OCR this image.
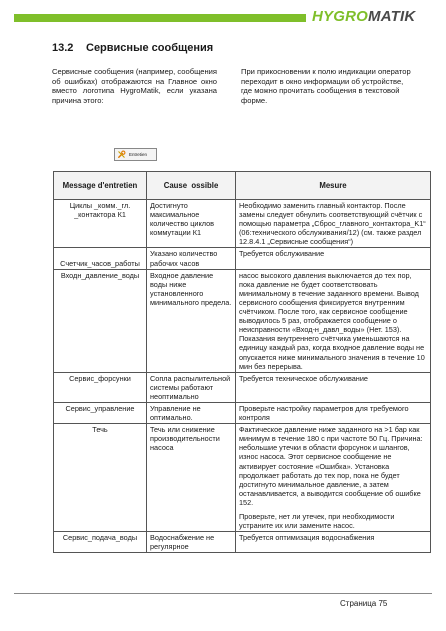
HYGROMATIK
13.2 Сервисные сообщения
Сервисные сообщения (например, сообщения об ошибках) отображаются на Главное окно вместо логотипа HygroMatik, если указана причина этого:
При прикосновении к полю индикации оператор переходит в окно информации об устройстве, где можно прочитать сообщения в текстовой форме.
Entretien
Message d'entretien	Cause  ossible	Mesure
Циклы _комм._гл. _контактора К1	Достигнуто максимальное количество циклов коммутации К1	Необходимо заменить главный контактор. После замены следует обнулить соответствующий счётчик с помощью параметра „Сброс_главного_контактора_K1“ (06:технического обслуживания/12) (см. также раздел 12.8.4.1 „Сервисные сообщения“)
Счетчик_часов_работы	Указано количество рабочих часов	Требуется обслуживание
Входн_давление_воды	Входное давление воды ниже установленного минимального предела.	насос высокого давления выключается до тех пор, пока давление не будет соответствовать минимальному в течение заданного времени. Вывод сервисного сообщения фиксируется внутренним счётчиком. После того, как сервисное сообщение выводилось 5 раз, отображается сообщение о неисправности «Вход-н_давл_воды» (Нет. 153). Показания внутреннего счётчика уменьшаются на единицу каждый раз, когда входное давление воды не опускается ниже минимального значения в течение 10 мин без перерыва.
Сервис_форсунки	Сопла распылительной системы работают неоптимально	Требуется техническое обслуживание
Сервис_управление	Управление не оптимально.	Проверьте настройку параметров для требуемого контроля
Течь	Течь или снижение производительности насоса	Фактическое давление ниже заданного на >1 бар как минимум в течение 180 с при частоте 50 Гц. Причина: небольшие утечки в области форсунок и шлангов, износ насоса. Этот сервисное сообщение не активирует состояние «Ошибка». Установка продолжает работать до тех пор, пока не будет достигнуто минимальное давление, а затем останавливается, а выводится сообщение об ошибке 152.
Проверьте, нет ли утечек, при необходимости устраните их или замените насос.

Сервис_подача_воды	Водоснабжение не регулярное	Требуется оптимизация водоснабжения
Страница 75
